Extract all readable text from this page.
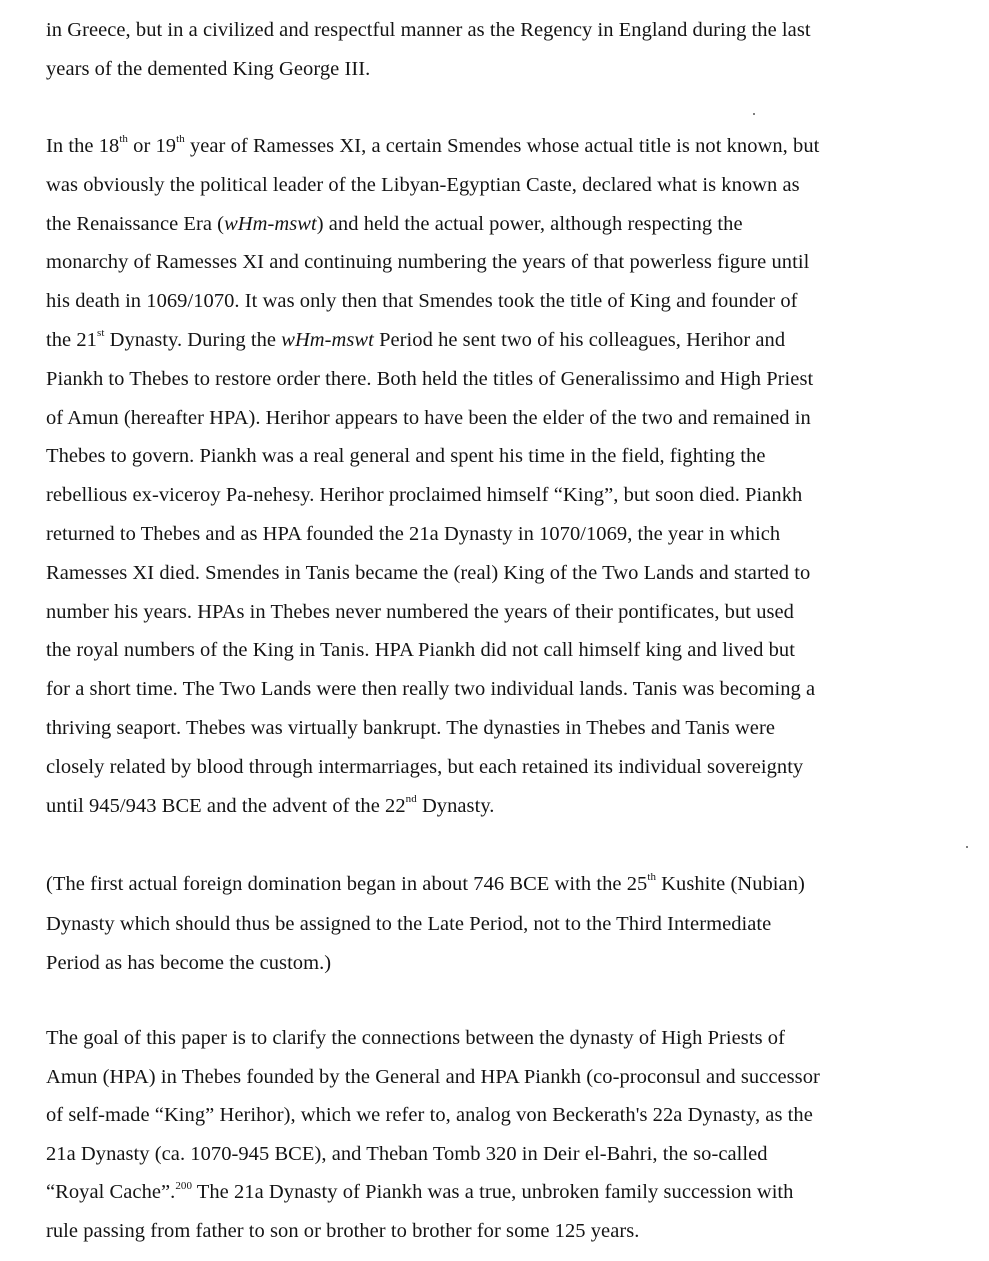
in Greece, but in a civilized and respectful manner as the Regency in England during the last
years of the demented King George III.
In the 18th or 19th year of Ramesses XI, a certain Smendes whose actual title is not known, but
was obviously the political leader of the Libyan-Egyptian Caste, declared what is known as
the Renaissance Era (wHm-mswt) and held the actual power, although respecting the
monarchy of Ramesses XI and continuing numbering the years of that powerless figure until
his death in 1069/1070. It was only then that Smendes took the title of King and founder of
the 21st Dynasty. During the wHm-mswt Period he sent two of his colleagues, Herihor and
Piankh to Thebes to restore order there. Both held the titles of Generalissimo and High Priest
of Amun (hereafter HPA). Herihor appears to have been the elder of the two and remained in
Thebes to govern. Piankh was a real general and spent his time in the field, fighting the
rebellious ex-viceroy Pa-nehesy. Herihor proclaimed himself “King”, but soon died. Piankh
returned to Thebes and as HPA founded the 21a Dynasty in 1070/1069, the year in which
Ramesses XI died. Smendes in Tanis became the (real) King of the Two Lands and started to
number his years. HPAs in Thebes never numbered the years of their pontificates, but used
the royal numbers of the King in Tanis. HPA Piankh did not call himself king and lived but
for a short time. The Two Lands were then really two individual lands. Tanis was becoming a
thriving seaport. Thebes was virtually bankrupt. The dynasties in Thebes and Tanis were
closely related by blood through intermarriages, but each retained its individual sovereignty
until 945/943 BCE and the advent of the 22nd Dynasty.
(The first actual foreign domination began in about 746 BCE with the 25th Kushite (Nubian)
Dynasty which should thus be assigned to the Late Period, not to the Third Intermediate
Period as has become the custom.)
The goal of this paper is to clarify the connections between the dynasty of High Priests of
Amun (HPA) in Thebes founded by the General and HPA Piankh (co-proconsul and successor
of self-made “King” Herihor), which we refer to, analog von Beckerath's 22a Dynasty, as the
21a Dynasty (ca. 1070-945 BCE), and Theban Tomb 320 in Deir el-Bahri, the so-called
“Royal Cache”.$^{200}$ The 21a Dynasty of Piankh was a true, unbroken family succession with
rule passing from father to son or brother to brother for some 125 years.
